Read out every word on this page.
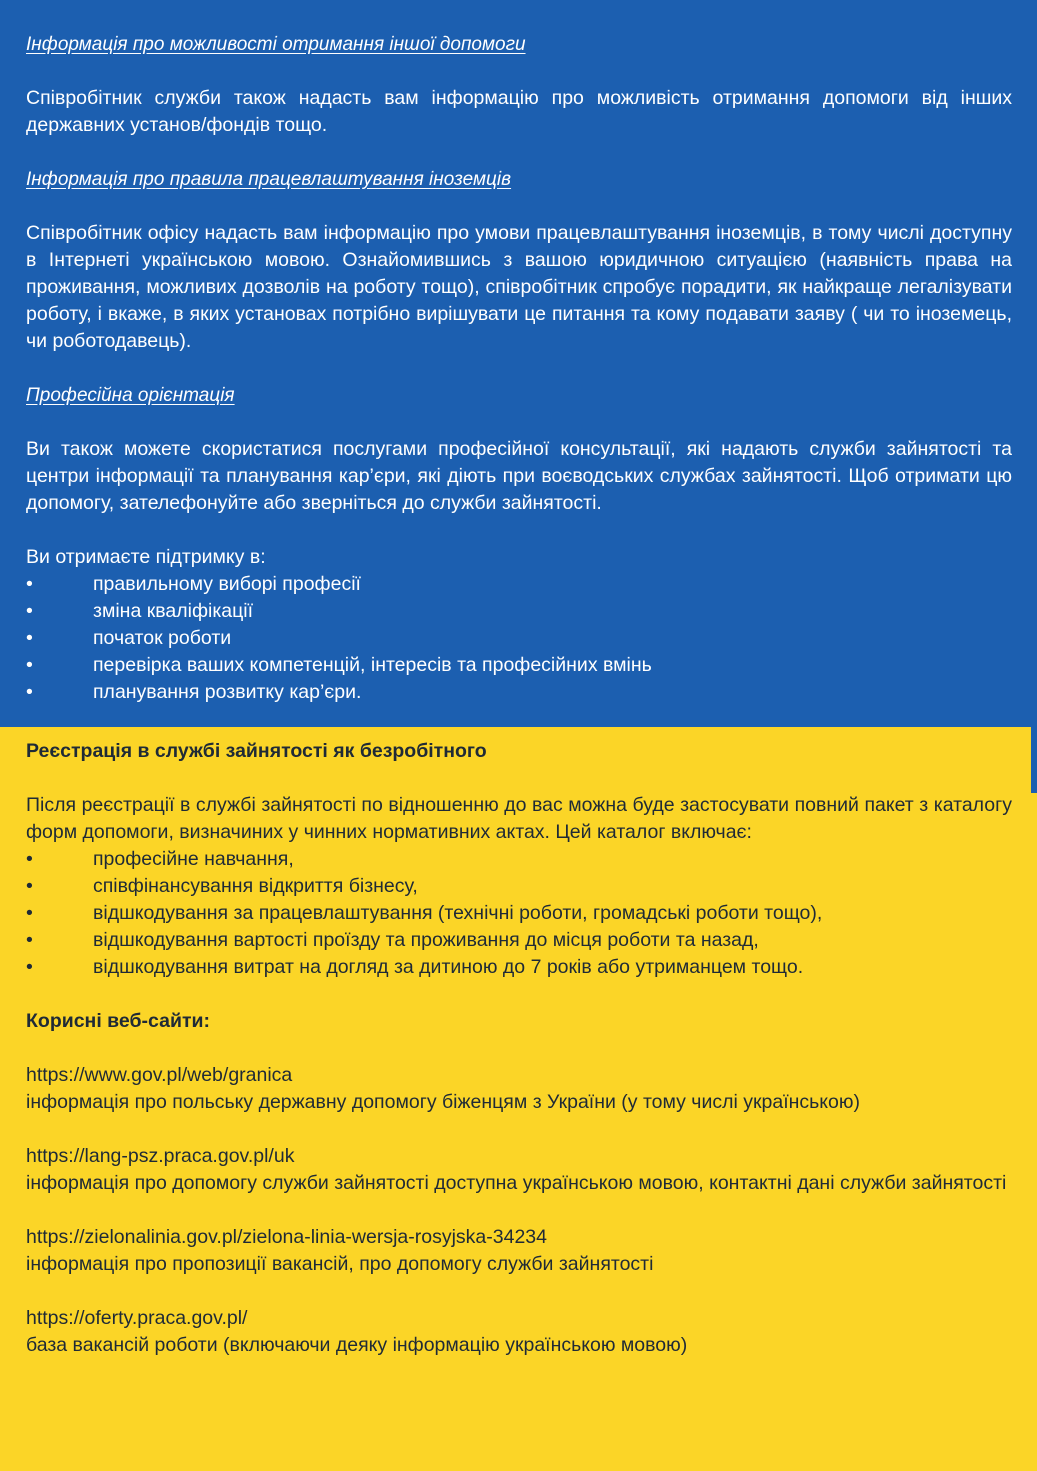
Інформація про можливості отримання іншої допомоги

Співробітник служби також надасть вам інформацію про можливість отримання допомоги від інших державних установ/фондів тощо.

Інформація про правила працевлаштування іноземців

Співробітник офісу надасть вам інформацію про умови працевлаштування іноземців, в тому числі доступну в Інтернеті українською мовою. Ознайомившись з вашою юридичною ситуацією (наявність права на проживання, можливих дозволів на роботу тощо), співробітник спробує порадити, як найкраще легалізувати роботу, і вкаже, в яких установах потрібно вирішувати це питання та кому подавати заяву ( чи то іноземець, чи роботодавець).

Професійна орієнтація

Ви також можете скористатися послугами професійної консультації, які надають служби зайнятості та центри інформації та планування кар’єри, які діють при воєводських службах зайнятості. Щоб отримати цю допомогу, зателефонуйте або зверніться до служби зайнятості.

Ви отримаєте підтримку в:

•	правильному виборі професії
•	зміна кваліфікації
•	початок роботи
•	перевірка ваших компетенцій, інтересів та професійних вмінь
•	планування розвитку кар’єри.
Реєстрація в службі зайнятості як безробітного

Після реєстрації в службі зайнятості по відношенню до вас можна буде застосувати повний пакет з каталогу форм допомоги, визначиних у чинних нормативних актах. Цей каталог включає:

•	професійне навчання,
•	співфінансування відкриття бізнесу,
•	відшкодування за працевлаштування (технічні роботи, громадські роботи тощо),
•	відшкодування вартості проїзду та проживання до місця роботи та назад,
•	відшкодування витрат на догляд за дитиною до 7 років або утриманцем тощо.
Корисні веб-сайти:
https://www.gov.pl/web/granica

інформація про польську державну допомогу біженцям з України (у тому числі українською)

https://lang-psz.praca.gov.pl/uk

інформація про допомогу служби зайнятості доступна українською мовою, контактні дані служби зайнятості

https://zielonalinia.gov.pl/zielona-linia-wersja-rosyjska-34234

інформація про пропозиції вакансій, про допомогу служби зайнятості

https://oferty.praca.gov.pl/

база вакансій роботи (включаючи деяку інформацію українською мовою)
